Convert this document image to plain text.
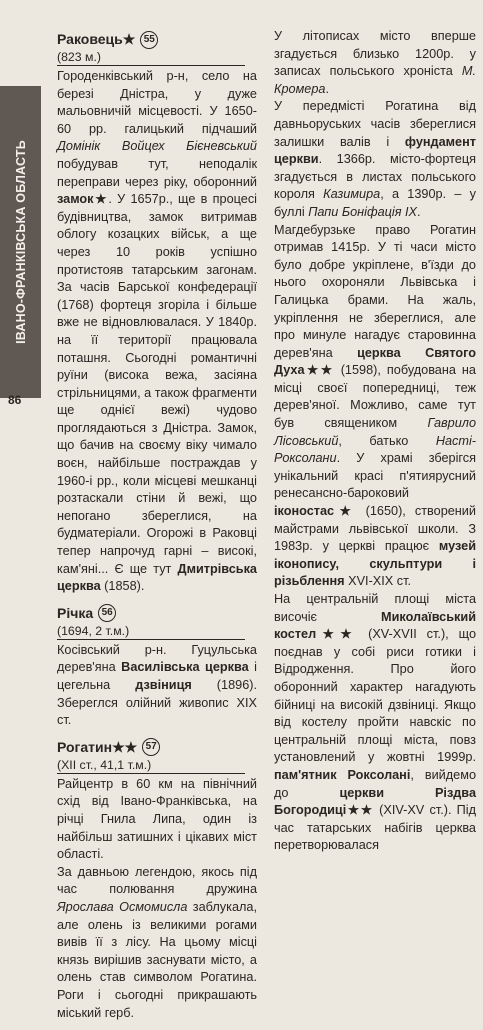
ІВАНО-ФРАНКІВСЬКА ОБЛАСТЬ
86
Раковець★ 55
(823 м.)

Городенківський р-н, село на березі Дністра, у дуже мальовничій місцевості. У 1650-60 рр. галицький підчаший Домінік Войцех Бієневський побудував тут, неподалік переправи через ріку, оборонний замок★. У 1657р., ще в процесі будівництва, замок витримав облогу козацких військ, а ще через 10 років успішно протистояв татарським загонам. За часів Барської конфедерації (1768) фортеця згоріла і більше вже не відновлювалася. У 1840р. на її території працювала поташня. Сьогодні романтичні руїни (висока вежа, засіяна стрільницями, а також фрагменти ще однієї вежі) чудово проглядаються з Дністра. Замок, що бачив на своєму віку чимало воєн, найбільше постраждав у 1960-і рр., коли місцеві мешканці розтаскали стіни й вежі, що непогано збереглися, на будматеріали. Огорожі в Раковці тепер напрочуд гарні – високі, кам'яні... Є ще тут Дмитрівська церква (1858).

Річка 56
(1694, 2 т.м.)

Косівський р-н. Гуцульська дерев'яна Василівська церква і цегельна дзвіниця (1896). Збереглся олійний живопис XIX ст.

Рогатин★★ 57
(XII ст., 41,1 т.м.)

Райцентр в 60 км на північний схід від Івано-Франківська, на річці Гнила Липа, один із найбільш затишних і цікавих міст області.

За давньою легендою, якось під час полювання дружина Ярослава Осмомисла заблукала, але олень із великими рогами вивів її з лісу. На цьому місці князь вирішив заснувати місто, а олень став символом Рогатина. Роги і сьогодні прикрашають міський герб.

У літописах місто вперше згадується близько 1200р. у записах польського хроніста М. Кромера.

У передмісті Рогатина від давньоруських часів збереглися залишки валів і фундамент церкви. 1366р. місто-фортеця згадується в листах польського короля Казимира, а 1390р. – у буллі Папи Боніфація IX.

Магдебурзьке право Рогатин отримав 1415р. У ті часи місто було добре укріплене, в'їзди до нього охороняли Львівська і Галицька брами. На жаль, укріплення не збереглися, але про минуле нагадує старовинна дерев'яна церква Святого Духа★★ (1598), побудована на місці своєї попередниці, теж дерев'яної. Можливо, саме тут був священиком Гаврило Лісовський, батько Насті-Роксолани. У храмі зберігся унікальний красі п'ятиярусний ренесансно-бароковий іконостас★ (1650), створений майстрами львівської школи. З 1983р. у церкві працює музей іконопису, скульптури і різьблення XVI-XIX ст.

На центральній площі міста височіє Миколаївський костел★★ (XV-XVII ст.), що поєднав у собі риси готики і Відродження. Про його оборонний характер нагадують бійниці на високій дзвіниці. Якщо від костелу пройти навскіс по центральній площі міста, повз установлений у жовтні 1999р. пам'ятник Роксолані, вийдемо до церкви Різдва Богородиці★★ (XIV-XV ст.). Під час татарських набігів церква перетворювалася
